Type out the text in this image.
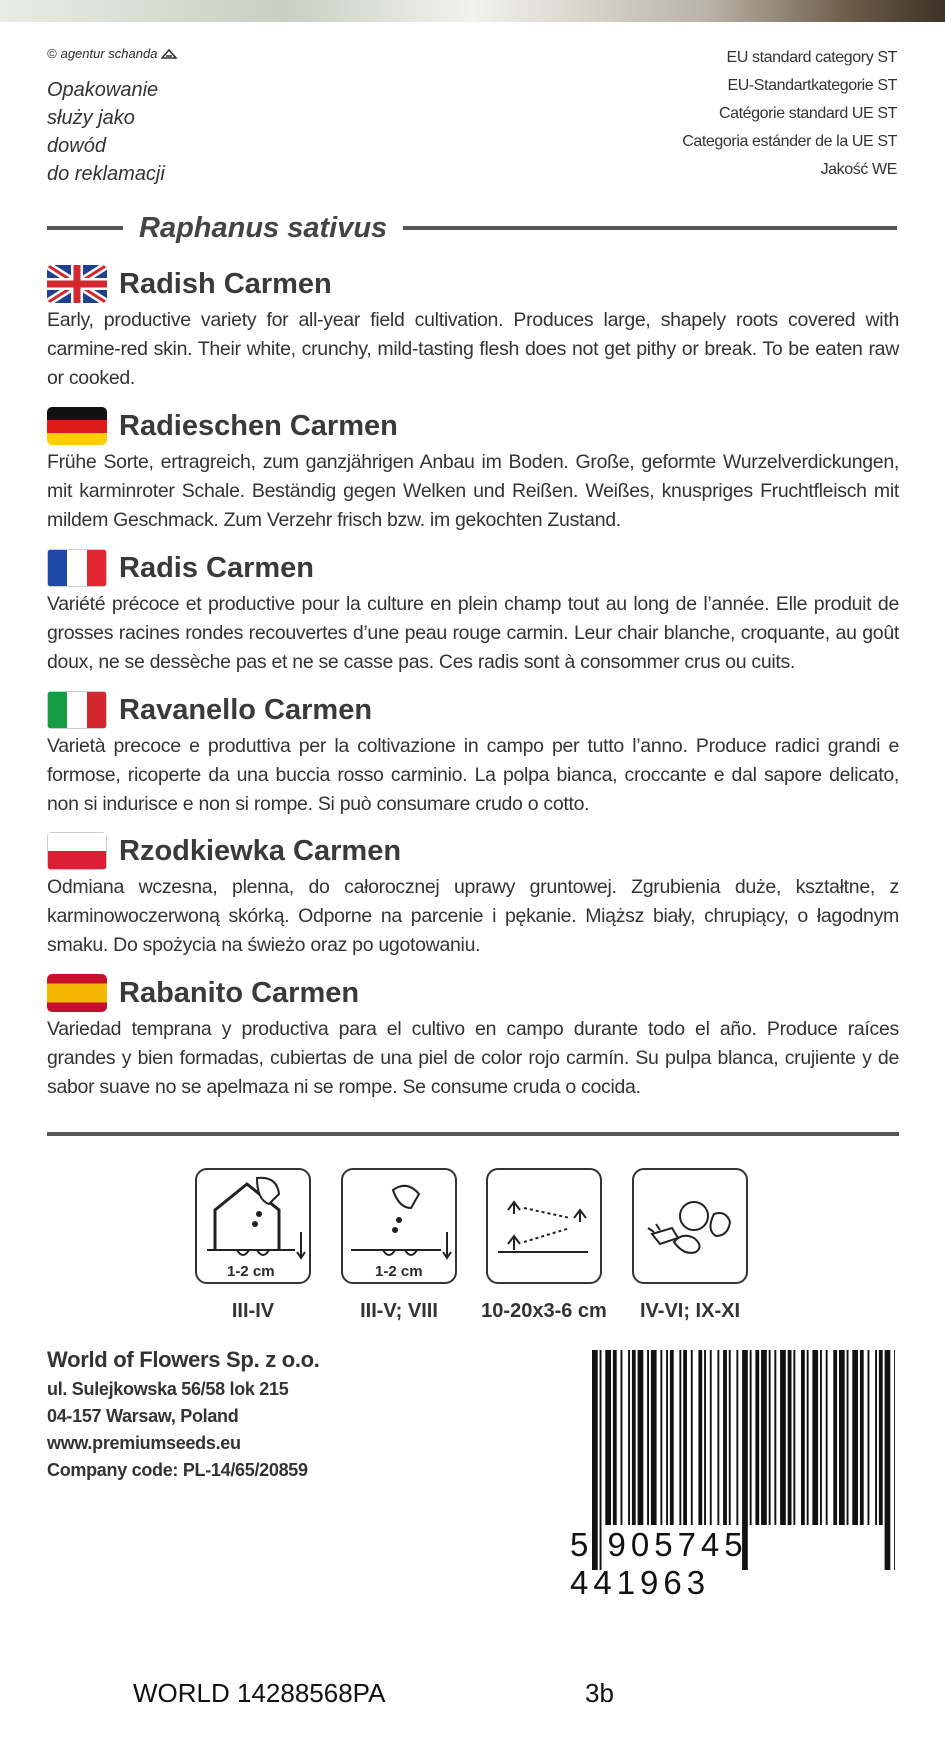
© agentur schanda
Opakowanie
służy jako
dowód
do reklamacji
EU standard category ST
EU-Standartkategorie ST
Catégorie standard UE ST
Categoria estánder de la UE ST
Jakość WE
Raphanus sativus
Radish Carmen
Early, productive variety for all-year field cultivation. Produces large, shapely roots covered with carmine-red skin. Their white, crunchy, mild-tasting flesh does not get pithy or break. To be eaten raw or cooked.
Radieschen Carmen
Frühe Sorte, ertragreich, zum ganzjährigen Anbau im Boden. Große, geformte Wurzelverdickungen, mit karminroter Schale. Beständig gegen Welken und Reißen. Weißes, knuspriges Fruchtfleisch mit mildem Geschmack. Zum Verzehr frisch bzw. im gekochten Zustand.
Radis Carmen
Variété précoce et productive pour la culture en plein champ tout au long de l’année. Elle produit de grosses racines rondes recouvertes d’une peau rouge carmin. Leur chair blanche, croquante, au goût doux, ne se dessèche pas et ne se casse pas. Ces radis sont à consommer crus ou cuits.
Ravanello Carmen
Varietà precoce e produttiva per la coltivazione in campo per tutto l’anno. Produce radici grandi e formose, ricoperte da una buccia rosso carminio. La polpa bianca, croccante e dal sapore delicato, non si indurisce e non si rompe. Si può consumare crudo o cotto.
Rzodkiewka Carmen
Odmiana wczesna, plenna, do całorocznej uprawy gruntowej. Zgrubienia duże, kształtne, z karminowoczerwoną skórką. Odporne na parcenie i pękanie. Miąższ biały, chrupiący, o łagodnym smaku. Do spożycia na świeżo oraz po ugotowaniu.
Rabanito Carmen
Variedad temprana y productiva para el cultivo en campo durante todo el año. Produce raíces grandes y bien formadas, cubiertas de una piel de color rojo carmín. Su pulpa blanca, crujiente y de sabor suave no se apelmaza ni se rompe. Se consume cruda o cocida.
1-2 cm	1-2 cm
III-IV	III-V; VIII	10-20x3-6 cm	IV-VI; IX-XI
World of Flowers Sp. z o.o.
ul. Sulejkowska 56/58 lok 215
04-157 Warsaw, Poland
www.premiumseeds.eu
Company code: PL-14/65/20859
5 905745 441963
WORLD 14288568PA	3b
